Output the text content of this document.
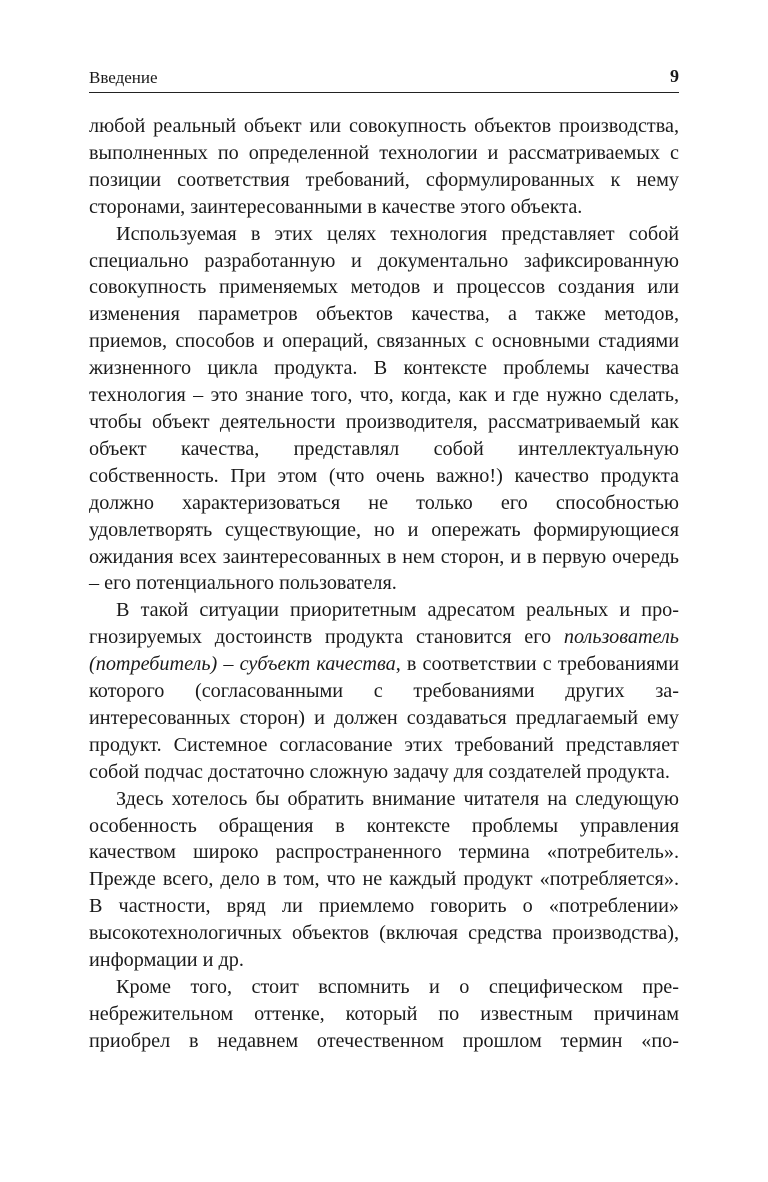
Введение	9

любой реальный объект или совокупность объектов производства, выполненных по определенной технологии и рассматриваемых с позиции соответствия требований, сформулированных к нему сторонами, заинтересованными в качестве этого объекта.

Используемая в этих целях технология представляет собой специально разработанную и документально зафиксированную совокупность применяемых методов и процессов создания или изменения параметров объектов качества, а также методов, приемов, способов и операций, связанных с основными стадиями жизненного цикла продукта. В контексте проблемы качества технология – это знание того, что, когда, как и где нужно сделать, чтобы объект деятельности производителя, рассматриваемый как объект качества, представлял собой интеллектуальную собственность. При этом (что очень важно!) качество продукта должно характеризоваться не только его способностью удовлетворять существующие, но и опережать формирующиеся ожидания всех заинтересованных в нем сторон, и в первую очередь – его потенциального пользователя.

В такой ситуации приоритетным адресатом реальных и прогнозируемых достоинств продукта становится его пользователь (потребитель) – субъект качества, в соответствии с требованиями которого (согласованными с требованиями других заинтересованных сторон) и должен создаваться предлагаемый ему продукт. Системное согласование этих требований представляет собой подчас достаточно сложную задачу для создателей продукта.

Здесь хотелось бы обратить внимание читателя на следующую особенность обращения в контексте проблемы управления качеством широко распространенного термина «потребитель». Прежде всего, дело в том, что не каждый продукт «потребляется». В частности, вряд ли приемлемо говорить о «потреблении» высокотехнологичных объектов (включая средства производства), информации и др.

Кроме того, стоит вспомнить и о специфическом пренебрежительном оттенке, который по известным причинам приобрел в недавнем отечественном прошлом термин «по-
